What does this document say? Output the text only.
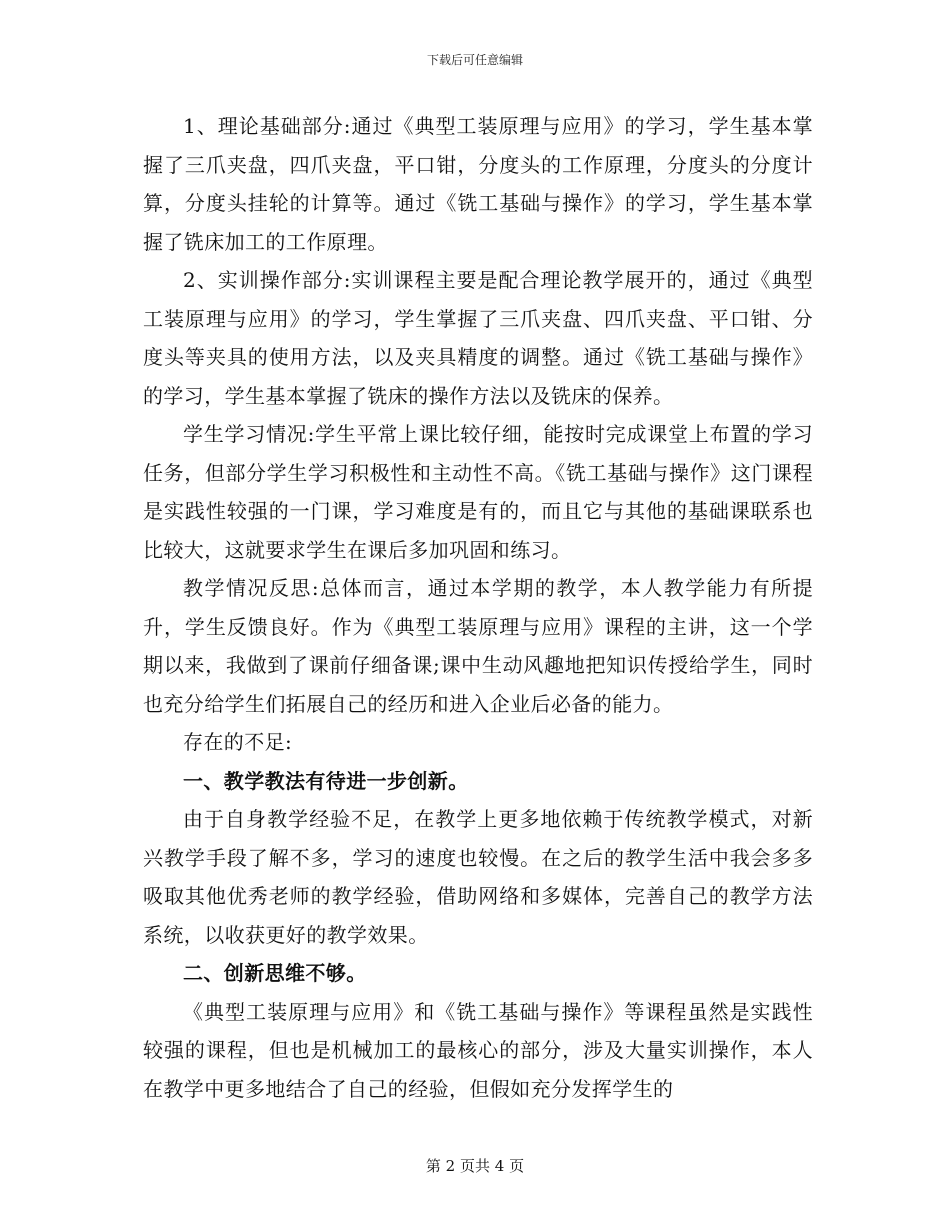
下载后可任意编辑

1、理论基础部分:通过《典型工装原理与应用》的学习，学生基本掌握了三爪夹盘，四爪夹盘，平口钳，分度头的工作原理，分度头的分度计算，分度头挂轮的计算等。通过《铣工基础与操作》的学习，学生基本掌握了铣床加工的工作原理。

2、实训操作部分:实训课程主要是配合理论教学展开的，通过《典型工装原理与应用》的学习，学生掌握了三爪夹盘、四爪夹盘、平口钳、分度头等夹具的使用方法，以及夹具精度的调整。通过《铣工基础与操作》的学习，学生基本掌握了铣床的操作方法以及铣床的保养。

学生学习情况:学生平常上课比较仔细，能按时完成课堂上布置的学习任务，但部分学生学习积极性和主动性不高。《铣工基础与操作》这门课程是实践性较强的一门课，学习难度是有的，而且它与其他的基础课联系也比较大，这就要求学生在课后多加巩固和练习。

教学情况反思:总体而言，通过本学期的教学，本人教学能力有所提升，学生反馈良好。作为《典型工装原理与应用》课程的主讲，这一个学期以来，我做到了课前仔细备课;课中生动风趣地把知识传授给学生，同时也充分给学生们拓展自己的经历和进入企业后必备的能力。

存在的不足:

一、教学教法有待进一步创新。

由于自身教学经验不足，在教学上更多地依赖于传统教学模式，对新兴教学手段了解不多，学习的速度也较慢。在之后的教学生活中我会多多吸取其他优秀老师的教学经验，借助网络和多媒体，完善自己的教学方法系统，以收获更好的教学效果。

二、创新思维不够。

《典型工装原理与应用》和《铣工基础与操作》等课程虽然是实践性较强的课程，但也是机械加工的最核心的部分，涉及大量实训操作，本人在教学中更多地结合了自己的经验，但假如充分发挥学生的

第 2 页共 4 页
